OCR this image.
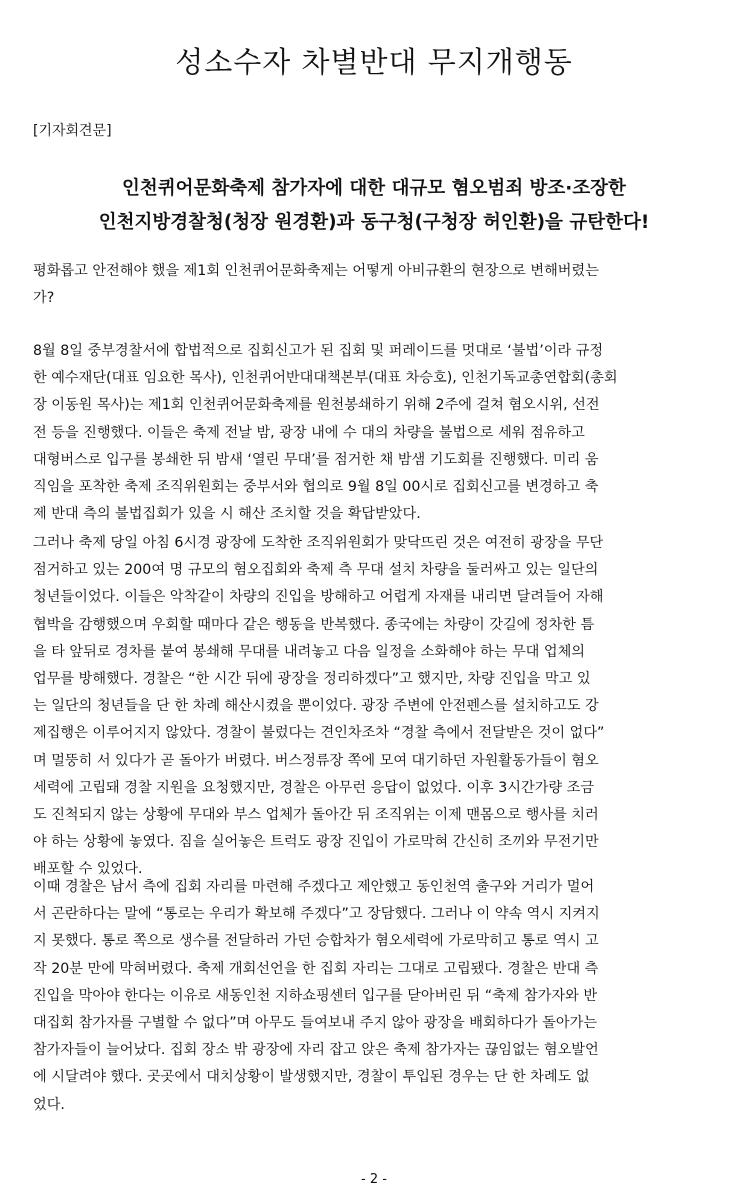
성소수자 차별반대 무지개행동

[기자회견문]

인천퀴어문화축제 참가자에 대한 대규모 혐오범죄 방조·조장한
인천지방경찰청(청장 원경환)과 동구청(구청장 허인환)을 규탄한다!
평화롭고 안전해야 했을 제1회 인천퀴어문화축제는 어떻게 아비규환의 현장으로 변해버렸는
가?
8월 8일 중부경찰서에 합법적으로 집회신고가 된 집회 및 퍼레이드를 멋대로 ‘불법’이라 규정
한 예수재단(대표 임요한 목사), 인천퀴어반대대책본부(대표 차승호), 인천기독교총연합회(총회
장 이동원 목사)는 제1회 인천퀴어문화축제를 원천봉쇄하기 위해 2주에 걸쳐 혐오시위, 선전
전 등을 진행했다. 이들은 축제 전날 밤, 광장 내에 수 대의 차량을 불법으로 세워 점유하고
대형버스로 입구를 봉쇄한 뒤 밤새 ‘열린 무대’를 점거한 채 밤샘 기도회를 진행했다. 미리 움
직임을 포착한 축제 조직위원회는 중부서와 협의로 9월 8일 00시로 집회신고를 변경하고 축
제 반대 측의 불법집회가 있을 시 해산 조치할 것을 확답받았다.
그러나 축제 당일 아침 6시경 광장에 도착한 조직위원회가 맞닥뜨린 것은 여전히 광장을 무단
점거하고 있는 200여 명 규모의 혐오집회와 축제 측 무대 설치 차량을 둘러싸고 있는 일단의
청년들이었다. 이들은 악착같이 차량의 진입을 방해하고 어렵게 자재를 내리면 달려들어 자해
협박을 감행했으며 우회할 때마다 같은 행동을 반복했다. 종국에는 차량이 갓길에 정차한 틈
을 타 앞뒤로 경차를 붙여 봉쇄해 무대를 내려놓고 다음 일정을 소화해야 하는 무대 업체의
업무를 방해했다. 경찰은 “한 시간 뒤에 광장을 정리하겠다”고 했지만, 차량 진입을 막고 있
는 일단의 청년들을 단 한 차례 해산시켰을 뿐이었다. 광장 주변에 안전펜스를 설치하고도 강
제집행은 이루어지지 않았다. 경찰이 불렀다는 견인차조차 “경찰 측에서 전달받은 것이 없다”
며 멀뚱히 서 있다가 곧 돌아가 버렸다. 버스정류장 쪽에 모여 대기하던 자원활동가들이 혐오
세력에 고립돼 경찰 지원을 요청했지만, 경찰은 아무런 응답이 없었다. 이후 3시간가량 조금
도 진척되지 않는 상황에 무대와 부스 업체가 돌아간 뒤 조직위는 이제 맨몸으로 행사를 치러
야 하는 상황에 놓였다. 짐을 실어놓은 트럭도 광장 진입이 가로막혀 간신히 조끼와 무전기만
배포할 수 있었다.
이때 경찰은 남서 측에 집회 자리를 마련해 주겠다고 제안했고 동인천역 출구와 거리가 멀어
서 곤란하다는 말에 “통로는 우리가 확보해 주겠다”고 장담했다. 그러나 이 약속 역시 지켜지
지 못했다. 통로 쪽으로 생수를 전달하러 가던 승합차가 혐오세력에 가로막히고 통로 역시 고
작 20분 만에 막혀버렸다. 축제 개회선언을 한 집회 자리는 그대로 고립됐다. 경찰은 반대 측
진입을 막아야 한다는 이유로 새동인천 지하쇼핑센터 입구를 닫아버린 뒤 “축제 참가자와 반
대집회 참가자를 구별할 수 없다”며 아무도 들여보내 주지 않아 광장을 배회하다가 돌아가는
참가자들이 늘어났다. 집회 장소 밖 광장에 자리 잡고 앉은 축제 참가자는 끊임없는 혐오발언
에 시달려야 했다. 곳곳에서 대치상황이 발생했지만, 경찰이 투입된 경우는 단 한 차례도 없
었다.

- 2 -
